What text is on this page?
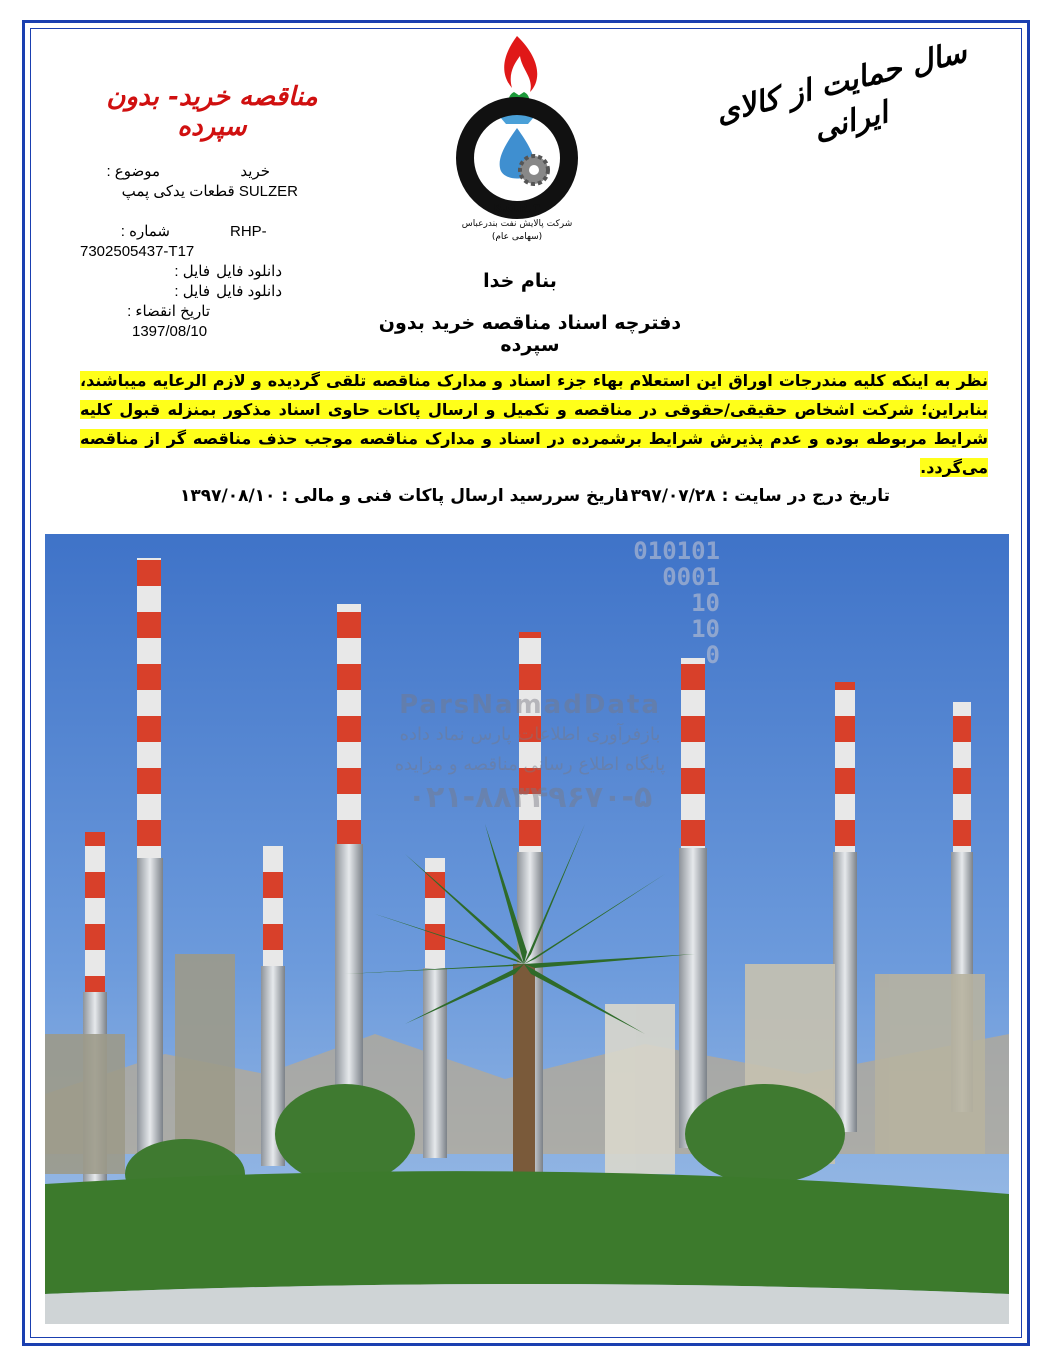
سال حمایت از کالای ایرانی
مناقصه خرید- بدون سپرده
B.O.R.C
شرکت پالایش نفت بندرعباس
(سهامی عام)
موضوع :	خرید
SULZER قطعات یدکی پمپ
شماره :	RHP-
7302505437-T17
فایل : دانلود فایل
فایل : دانلود فایل
تاریخ انقضاء :
1397/08/10
بنام خدا
دفترچه اسناد مناقصه خرید بدون سپرده
نظر به اینکه کلیه مندرجات اوراق این استعلام بهاء جزء اسناد و مدارک مناقصه تلقی گردیده و لازم الرعایه میباشند، بنابراین؛ شرکت اشخاص حقیقی/حقوقی در مناقصه و تکمیل و ارسال پاکات حاوی اسناد مذکور بمنزله قبول کلیه شرایط مربوطه بوده و عدم پذیرش شرایط برشمرده در اسناد و مدارک مناقصه موجب حذف مناقصه گر از مناقصه می‌گردد.
تاریخ درج در سایت : ۱۳۹۷/۰۷/۲۸
تاریخ سررسید ارسال پاکات فنی و مالی : ۱۳۹۷/۰۸/۱۰
010101
0001
10
10
0
ParsNamadData
بازفرآوری اطلاعات پارس نماد داده
پایگاه اطلاع رسانی مناقصه و مزایده
۰۲۱-۸۸۳۴۹۶۷۰-۵
